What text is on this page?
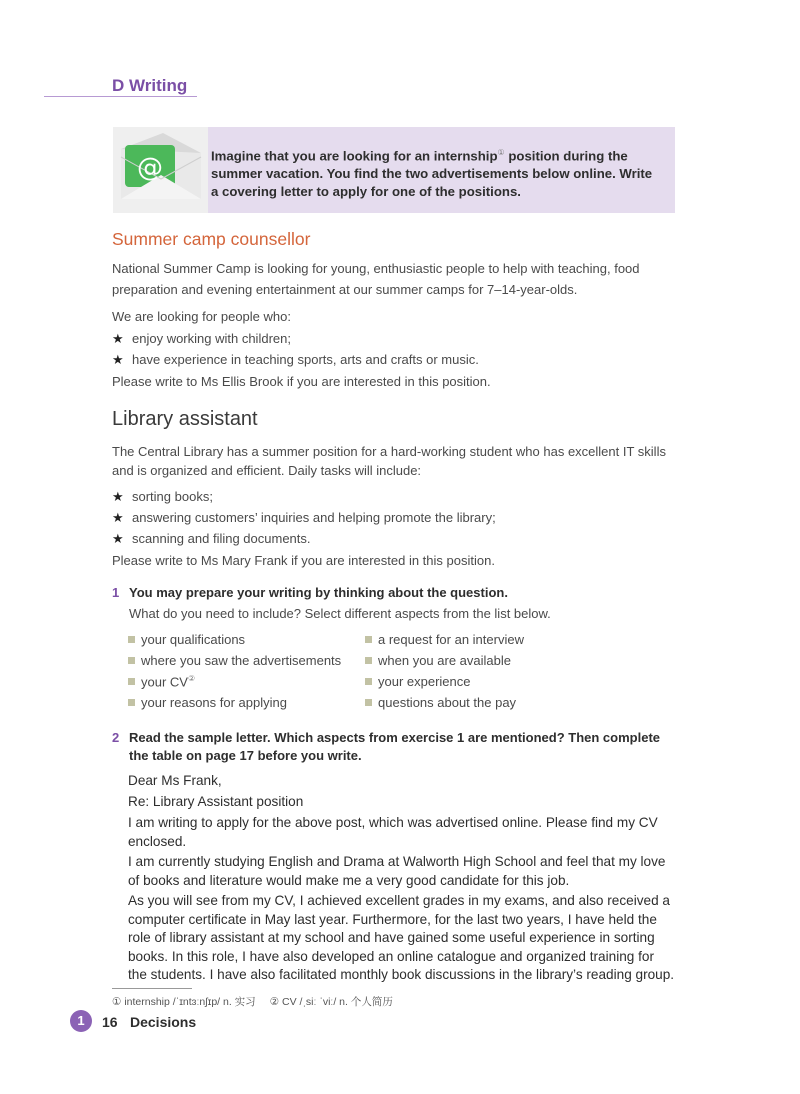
D Writing
@	Imagine that you are looking for an internship① position during the
summer vacation. You find the two advertisements below online. Write
a covering letter to apply for one of the positions.
Summer camp counsellor

National Summer Camp is looking for young, enthusiastic people to help with teaching, food preparation and evening entertainment at our summer camps for 7–14-year-olds.

We are looking for people who:

★ enjoy working with children;
★ have experience in teaching sports, arts and crafts or music.

Please write to Ms Ellis Brook if you are interested in this position.

Library assistant

The Central Library has a summer position for a hard-working student who has excellent IT skills and is organized and efficient. Daily tasks will include:

★ sorting books;
★ answering customers’ inquiries and helping promote the library;
★ scanning and filing documents.

Please write to Ms Mary Frank if you are interested in this position.

1 You may prepare your writing by thinking about the question.
What do you need to include? Select different aspects from the list below.
your qualifications
where you saw the advertisements
your CV②
your reasons for applying
a request for an interview
when you are available
your experience
questions about the pay
2 Read the sample letter. Which aspects from exercise 1 are mentioned? Then complete
the table on page 17 before you write.

Dear Ms Frank,

Re: Library Assistant position

I am writing to apply for the above post, which was advertised online. Please find my CV enclosed.

I am currently studying English and Drama at Walworth High School and feel that my love of books and literature would make me a very good candidate for this job.

As you will see from my CV, I achieved excellent grades in my exams, and also received a computer certificate in May last year. Furthermore, for the last two years, I have held the role of library assistant at my school and have gained some useful experience in sorting books. In this role, I have also developed an online catalogue and organized training for the students. I have also facilitated monthly book discussions in the library’s reading group.

① internship /ˈɪntɜːnʃɪp/ n. 实习 ② CV /ˌsiː ˈviː/ n. 个人简历
1	16 Decisions
